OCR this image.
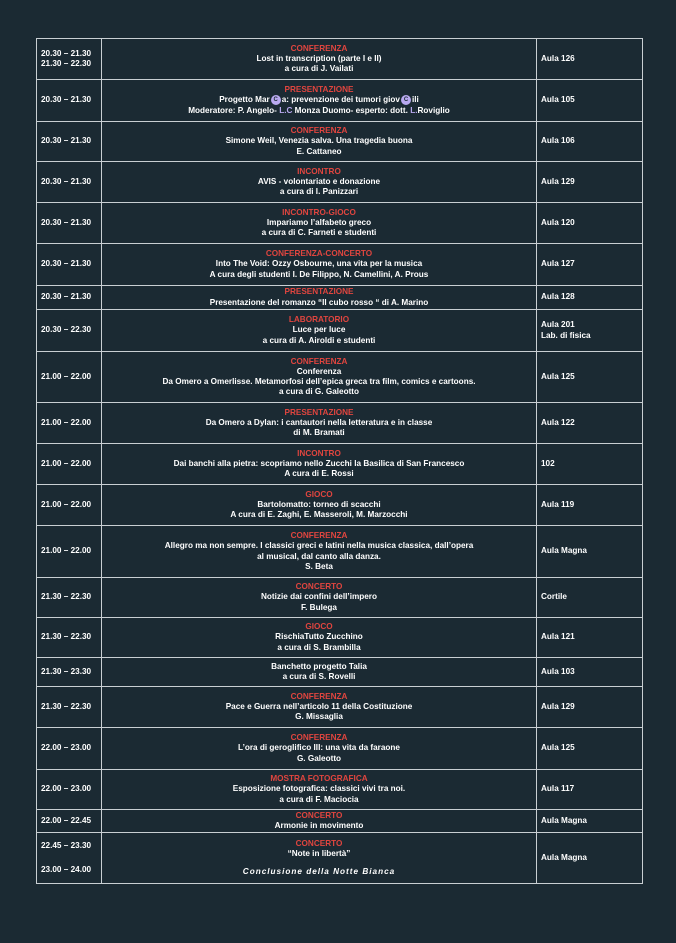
20.30 – 21.30
21.30 – 22.30	CONFERENZA
Lost in transcription (parte I e II)
a cura di J. Vailati	Aula 126

20.30 – 21.30	PRESENTAZIONE
Progetto Mar C a: prevenzione dei tumori giov C ili
Moderatore: P. Angelo- L.C Monza Duomo- esperto: dott. L.Roviglio	Aula 105

20.30 – 21.30	CONFERENZA
Simone Weil, Venezia salva. Una tragedia buona
E. Cattaneo	Aula 106

20.30 – 21.30	INCONTRO
AVIS - volontariato e donazione
a cura di I. Panizzari	Aula 129

20.30 – 21.30	INCONTRO-GIOCO
Impariamo l’alfabeto greco
a cura di C. Farneti e studenti	Aula 120

20.30 – 21.30	CONFERENZA-CONCERTO
Into The Void: Ozzy Osbourne, una vita per la musica
A cura degli studenti I. De Filippo, N. Camellini, A. Prous	Aula 127

20.30 – 21.30	PRESENTAZIONE
Presentazione del romanzo “Il cubo rosso “ di A. Marino	Aula 128

20.30 – 22.30	LABORATORIO
Luce per luce
a cura di A. Airoldi e studenti	Aula 201
Lab. di fisica

21.00 – 22.00	CONFERENZA
Conferenza
Da Omero a Omerlisse. Metamorfosi dell’epica greca tra film, comics e cartoons.
a cura di G. Galeotto	Aula 125

21.00 – 22.00	PRESENTAZIONE
Da Omero a Dylan: i cantautori nella letteratura e in classe
di M. Bramati	Aula 122

21.00 – 22.00	INCONTRO
Dai banchi alla pietra: scopriamo nello Zucchi la Basilica di San Francesco
A cura di E. Rossi	102

21.00 – 22.00	GIOCO
Bartolomatto: torneo di scacchi
A cura di E. Zaghi, E. Masseroli, M. Marzocchi	Aula 119

21.00 – 22.00	CONFERENZA
Allegro ma non sempre. I classici greci e latini nella musica classica, dall’opera
al musical, dal canto alla danza.
S. Beta	Aula Magna

21.30 – 22.30	CONCERTO
Notizie dai confini dell’impero
F. Bulega	Cortile

21.30 – 22.30	GIOCO
RischiaTutto Zucchino
a cura di S. Brambilla	Aula 121

21.30 – 23.30	Banchetto progetto Talia
a cura di S. Rovelli	Aula 103

21.30 – 22.30	CONFERENZA
Pace e Guerra nell’articolo 11 della Costituzione
G. Missaglia	Aula 129

22.00 – 23.00	CONFERENZA
L’ora di geroglifico III: una vita da faraone
G. Galeotto	Aula 125

22.00 – 23.00	MOSTRA FOTOGRAFICA
Esposizione fotografica: classici vivi tra noi.
a cura di F. Maciocia	Aula 117

22.00 – 22.45	CONCERTO
Armonie in movimento	Aula Magna

22.45 – 23.30
23.00 – 24.00	CONCERTO
“Note in libertà”
Conclusione della Notte Bianca	Aula Magna
